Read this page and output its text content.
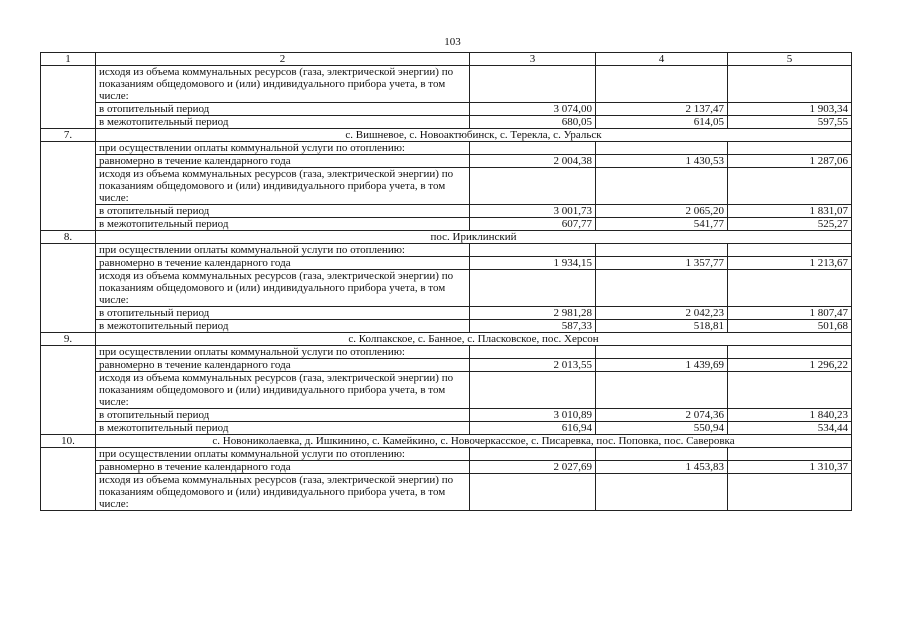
103
1	2	3	4	5
	исходя из объема коммунальных ресурсов (газа, электрической энергии) по показаниям общедомового и (или) индивидуального прибора учета, в том числе:			
	в отопительный период	3 074,00	2 137,47	1 903,34
	в межотопительный период	680,05	614,05	597,55
7.	с. Вишневое, с. Новоактюбинск, с. Терекла, с. Уральск			
	при осуществлении оплаты коммунальной услуги по отоплению:			
	равномерно в течение календарного года	2 004,38	1 430,53	1 287,06
	исходя из объема коммунальных ресурсов (газа, электрической энергии) по показаниям общедомового и (или) индивидуального прибора учета, в том числе:			
	в отопительный период	3 001,73	2 065,20	1 831,07
	в межотопительный период	607,77	541,77	525,27
8.	пос. Ириклинский			
	при осуществлении оплаты коммунальной услуги по отоплению:			
	равномерно в течение календарного года	1 934,15	1 357,77	1 213,67
	исходя из объема коммунальных ресурсов (газа, электрической энергии) по показаниям общедомового и (или) индивидуального прибора учета, в том числе:			
	в отопительный период	2 981,28	2 042,23	1 807,47
	в межотопительный период	587,33	518,81	501,68
9.	с. Колпакское, с. Банное, с. Пласковское, пос. Херсон			
	при осуществлении оплаты коммунальной услуги по отоплению:			
	равномерно в течение календарного года	2 013,55	1 439,69	1 296,22
	исходя из объема коммунальных ресурсов (газа, электрической энергии) по показаниям общедомового и (или) индивидуального прибора учета, в том числе:			
	в отопительный период	3 010,89	2 074,36	1 840,23
	в межотопительный период	616,94	550,94	534,44
10.	с. Новониколаевка, д. Ишкинино, с. Камейкино, с. Новочеркасское, с. Писаревка, пос. Поповка, пос. Саверовка			
	при осуществлении оплаты коммунальной услуги по отоплению:			
	равномерно в течение календарного года	2 027,69	1 453,83	1 310,37
	исходя из объема коммунальных ресурсов (газа, электрической энергии) по показаниям общедомового и (или) индивидуального прибора учета, в том числе:			
